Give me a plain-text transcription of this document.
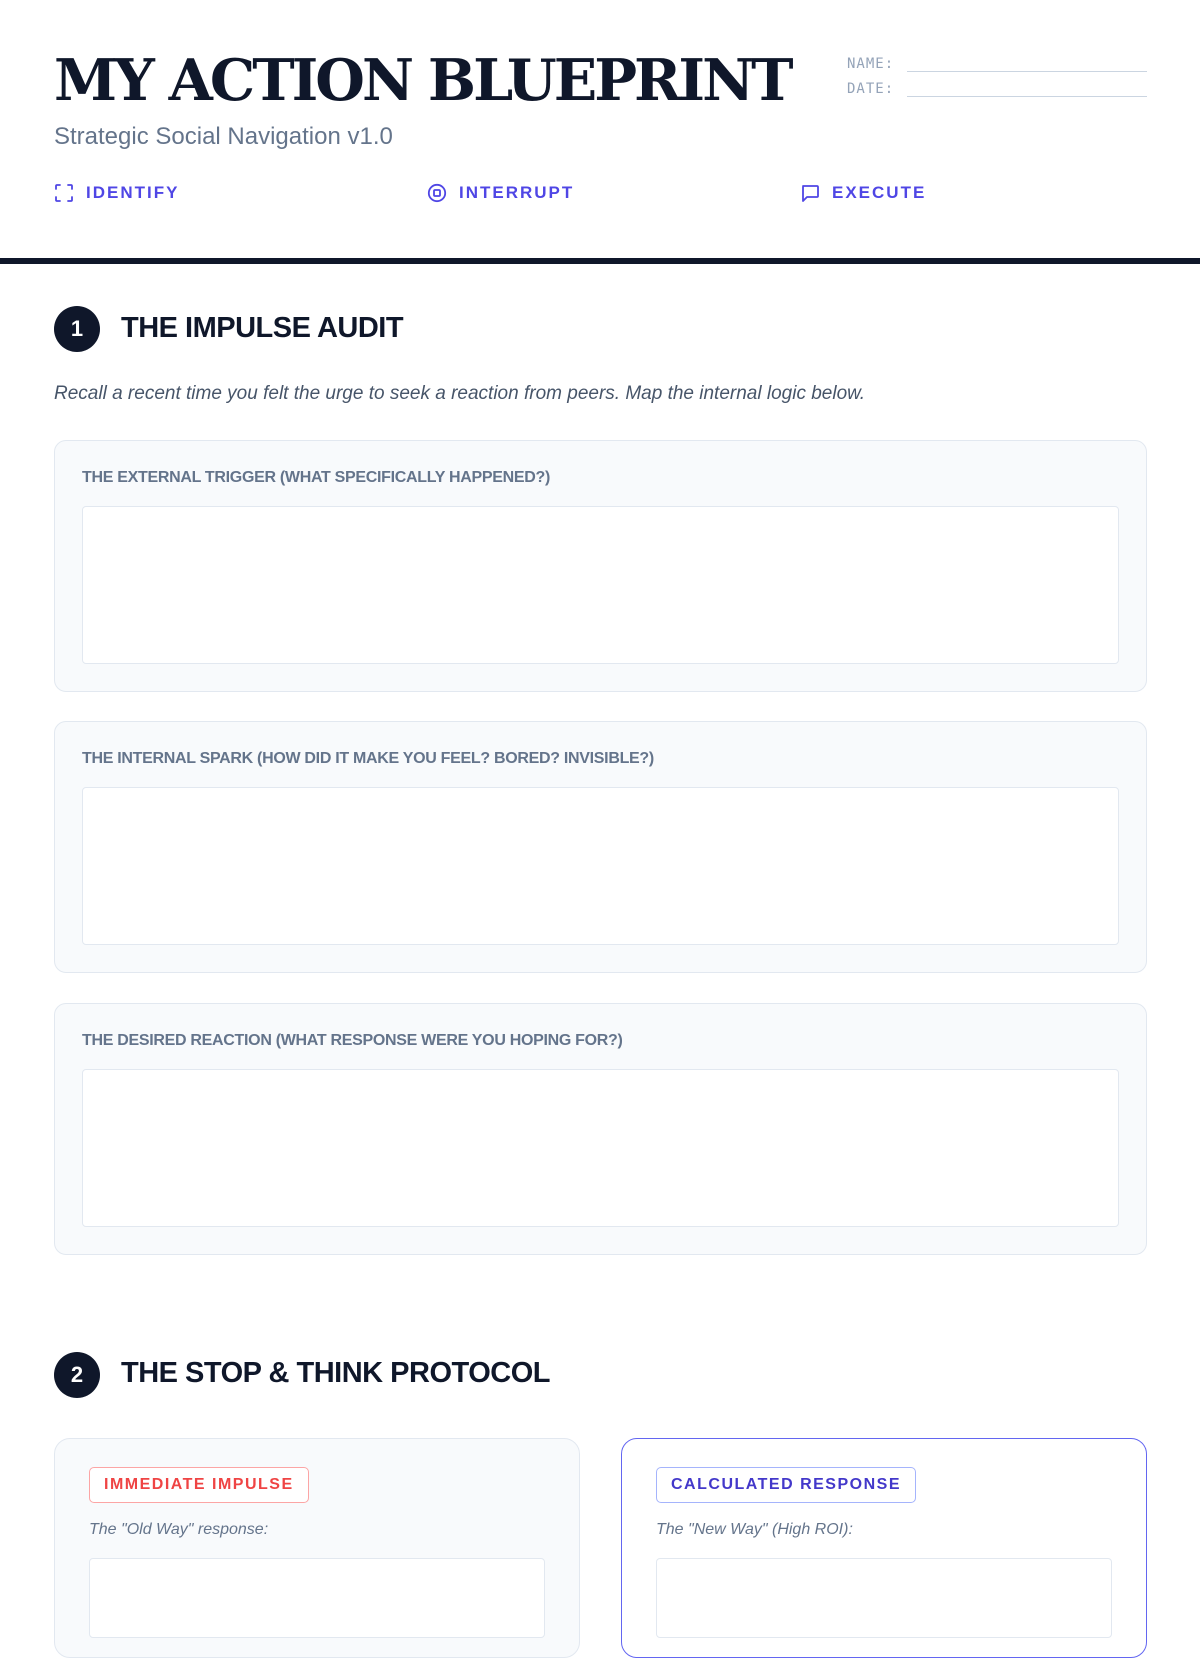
MY ACTION BLUEPRINT
Strategic Social Navigation v1.0
NAME:
DATE:
IDENTIFY	INTERRUPT	EXECUTE
1	THE IMPULSE AUDIT
Recall a recent time you felt the urge to seek a reaction from peers. Map the internal logic below.
THE EXTERNAL TRIGGER (WHAT SPECIFICALLY HAPPENED?)
THE INTERNAL SPARK (HOW DID IT MAKE YOU FEEL? BORED? INVISIBLE?)
THE DESIRED REACTION (WHAT RESPONSE WERE YOU HOPING FOR?)
2	THE STOP & THINK PROTOCOL
IMMEDIATE IMPULSE
The "Old Way" response:
CALCULATED RESPONSE
The "New Way" (High ROI):
